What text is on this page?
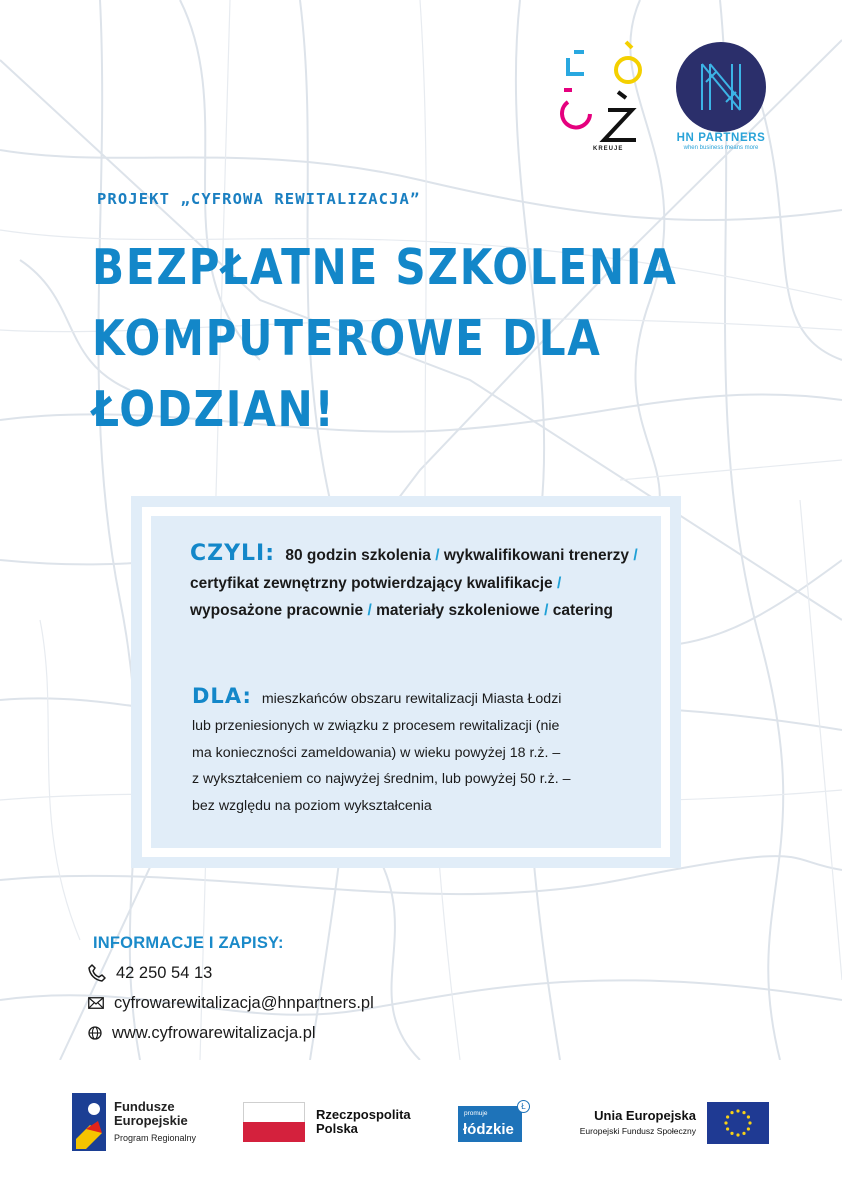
KREUJE
HN PARTNERS
when business means more
PROJEKT „CYFROWA REWITALIZACJA”
BEZPŁATNE SZKOLENIA
KOMPUTEROWE DLA
ŁODZIAN!
CZYLI: 80 godzin szkolenia / wykwalifikowani trenerzy / certyfikat zewnętrzny potwierdzający kwalifikacje / wyposażone pracownie / materiały szkoleniowe / catering
DLA: mieszkańców obszaru rewitalizacji Miasta Łodzi
lub przeniesionych w związku z procesem rewitalizacji (nie
ma konieczności zameldowania) w wieku powyżej 18 r.ż. –
z wykształceniem co najwyżej średnim, lub powyżej 50 r.ż. –
bez względu na poziom wykształcenia
INFORMACJE I ZAPISY:
42 250 54 13
cyfrowarewitalizacja@hnpartners.pl
www.cyfrowarewitalizacja.pl
Fundusze
Europejskie
Program Regionalny
Rzeczpospolita
Polska
promuje
łódzkie
Ł
Unia Europejska
Europejski Fundusz Społeczny
